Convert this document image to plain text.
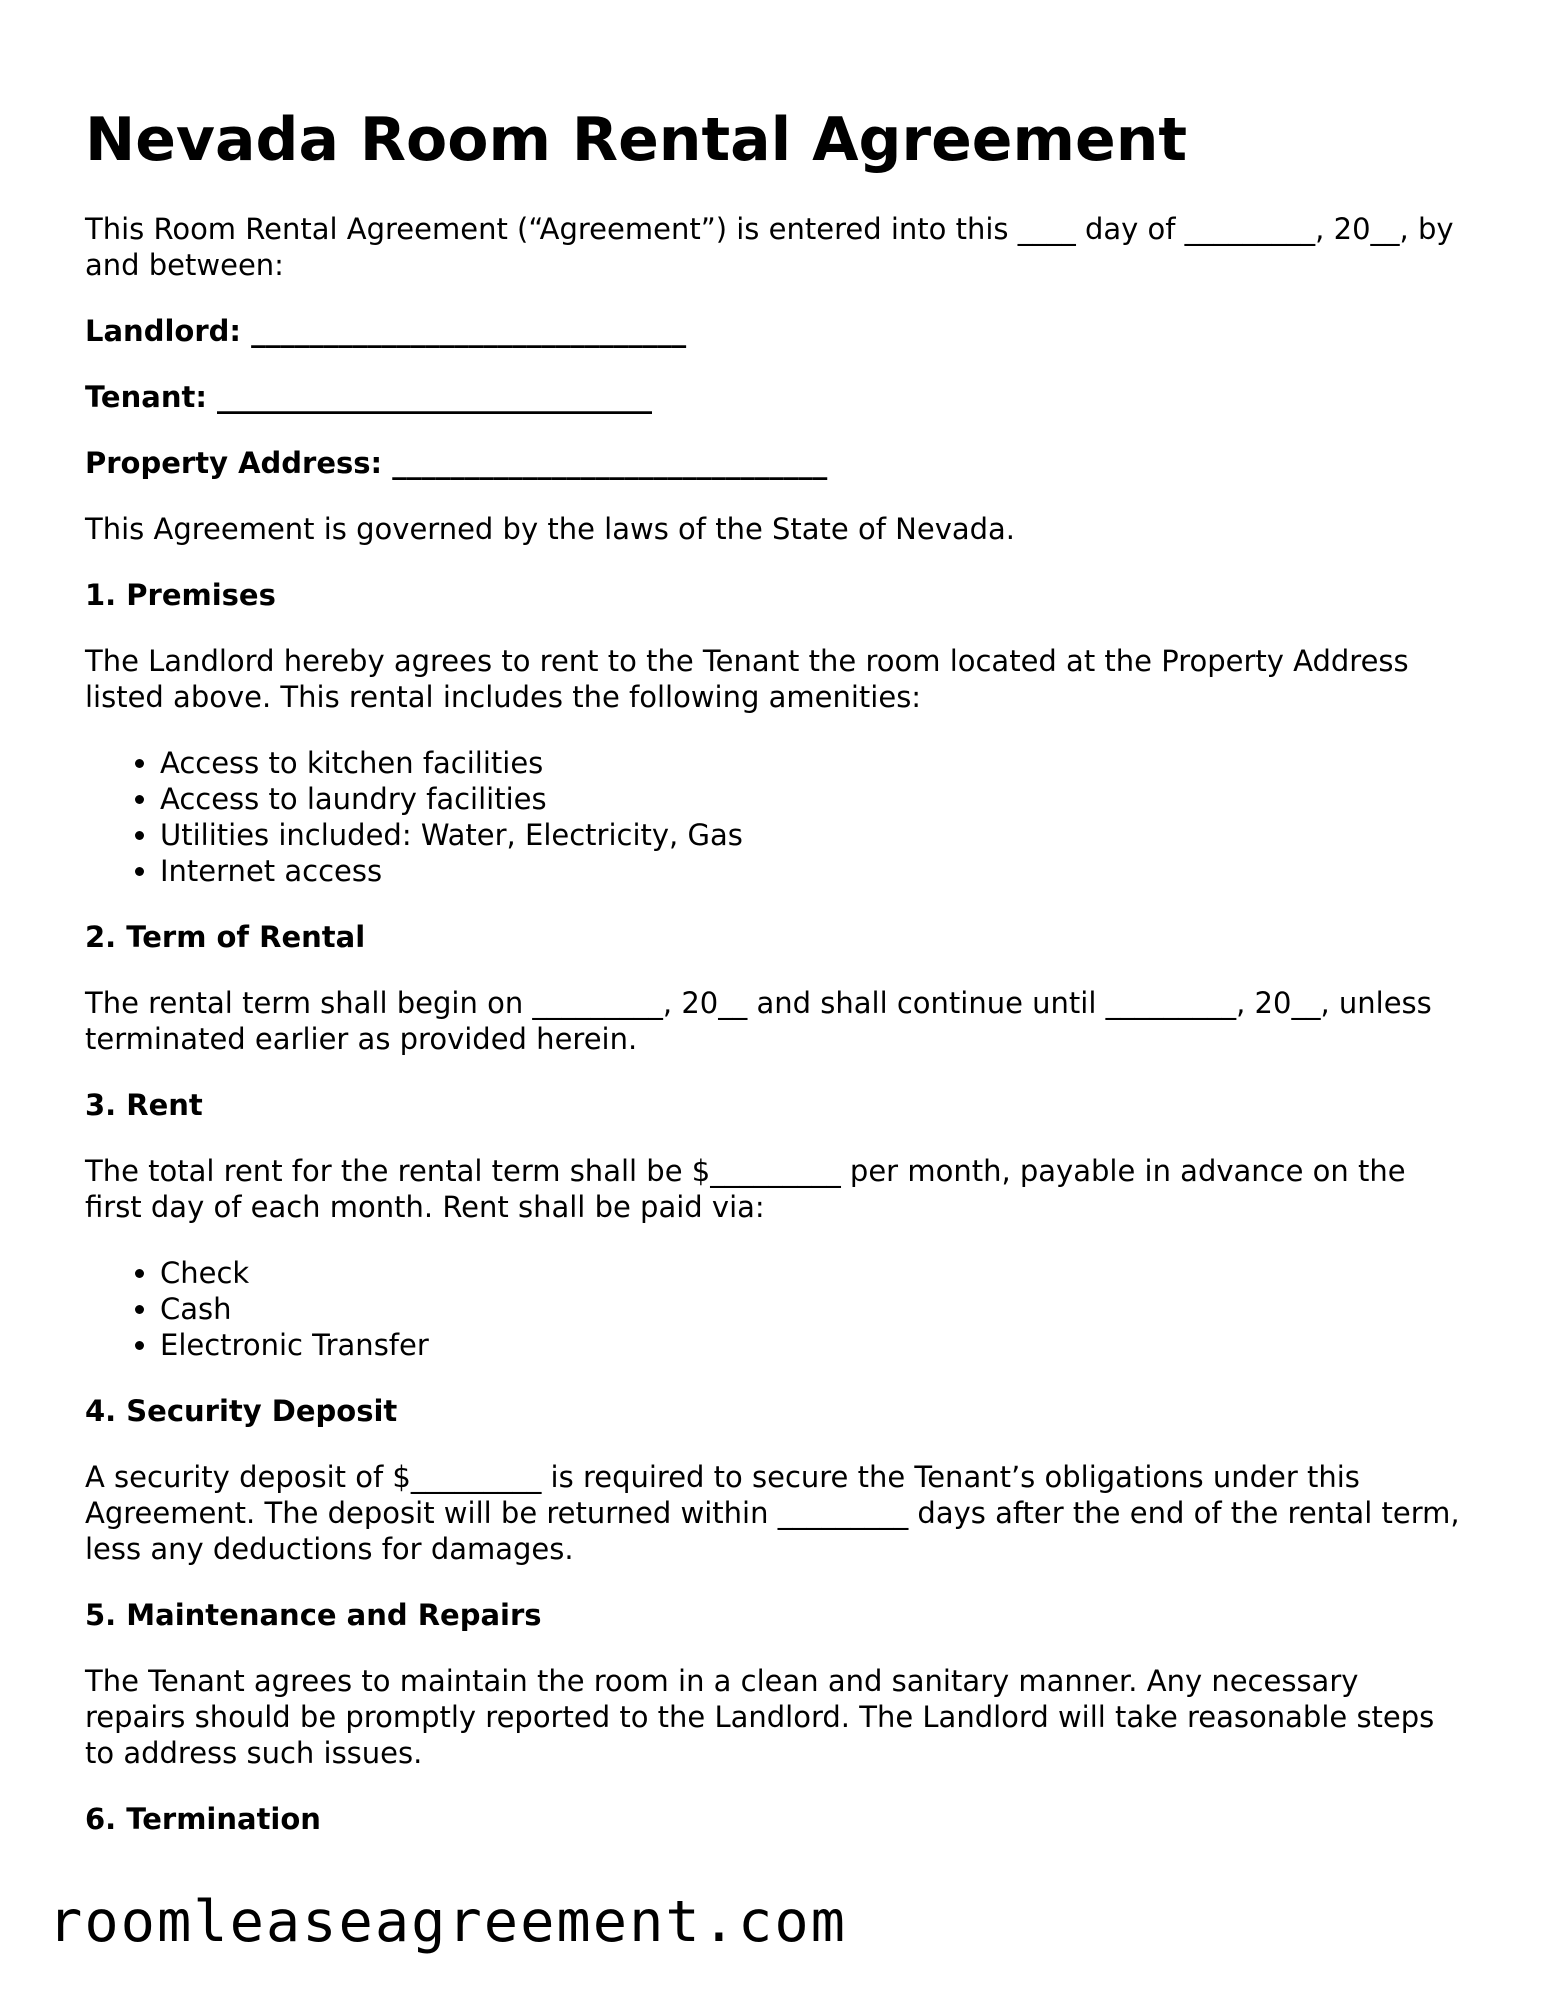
Nevada Room Rental Agreement

This Room Rental Agreement (“Agreement”) is entered into this ____ day of _________, 20__, by and between:

Landlord: ______________________________

Tenant: ______________________________

Property Address: ______________________________

This Agreement is governed by the laws of the State of Nevada.

1. Premises

The Landlord hereby agrees to rent to the Tenant the room located at the Property Address listed above. This rental includes the following amenities:

• Access to kitchen facilities
• Access to laundry facilities
• Utilities included: Water, Electricity, Gas
• Internet access
2. Term of Rental

The rental term shall begin on _________, 20__ and shall continue until _________, 20__, unless terminated earlier as provided herein.

3. Rent

The total rent for the rental term shall be $_________ per month, payable in advance on the first day of each month. Rent shall be paid via:

• Check
• Cash
• Electronic Transfer
4. Security Deposit

A security deposit of $_________ is required to secure the Tenant’s obligations under this Agreement. The deposit will be returned within _________ days after the end of the rental term, less any deductions for damages.

5. Maintenance and Repairs

The Tenant agrees to maintain the room in a clean and sanitary manner. Any necessary repairs should be promptly reported to the Landlord. The Landlord will take reasonable steps to address such issues.

6. Termination
roomleaseagreement.com
